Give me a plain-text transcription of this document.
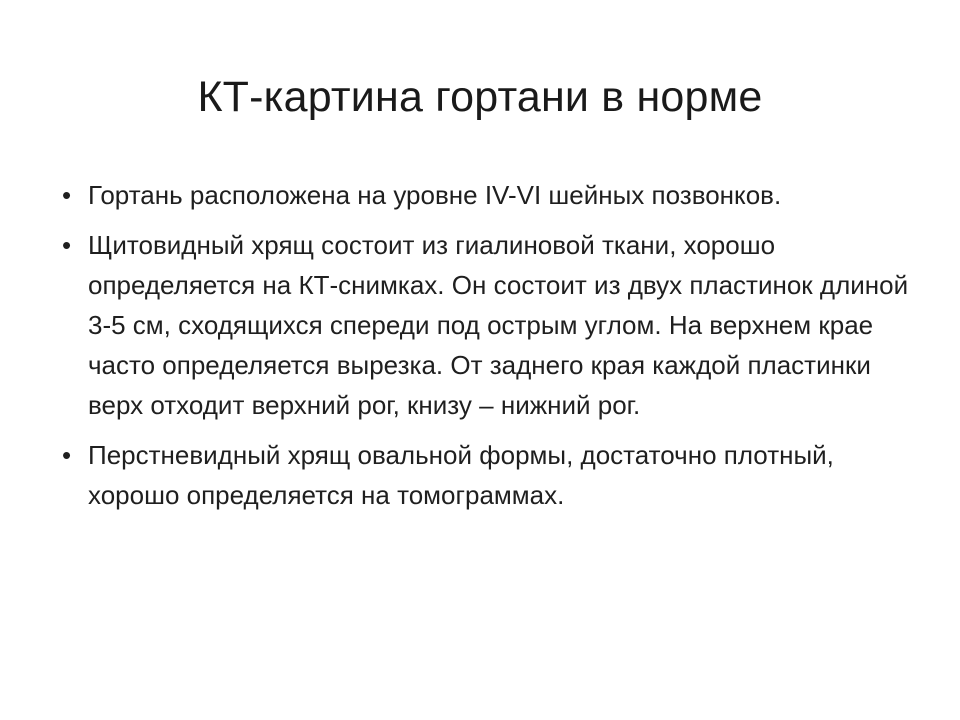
КТ-картина гортани в норме
• Гортань расположена на уровне IV-VI шейных позвонков.
• Щитовидный хрящ состоит из гиалиновой ткани, хорошо определяется на КТ-снимках. Он состоит из двух пластинок длиной 3-5 см, сходящихся спереди под острым углом. На верхнем крае часто определяется вырезка. От заднего края каждой пластинки верх отходит верхний рог, книзу – нижний рог.
• Перстневидный хрящ овальной формы, достаточно плотный, хорошо определяется на томограммах.
